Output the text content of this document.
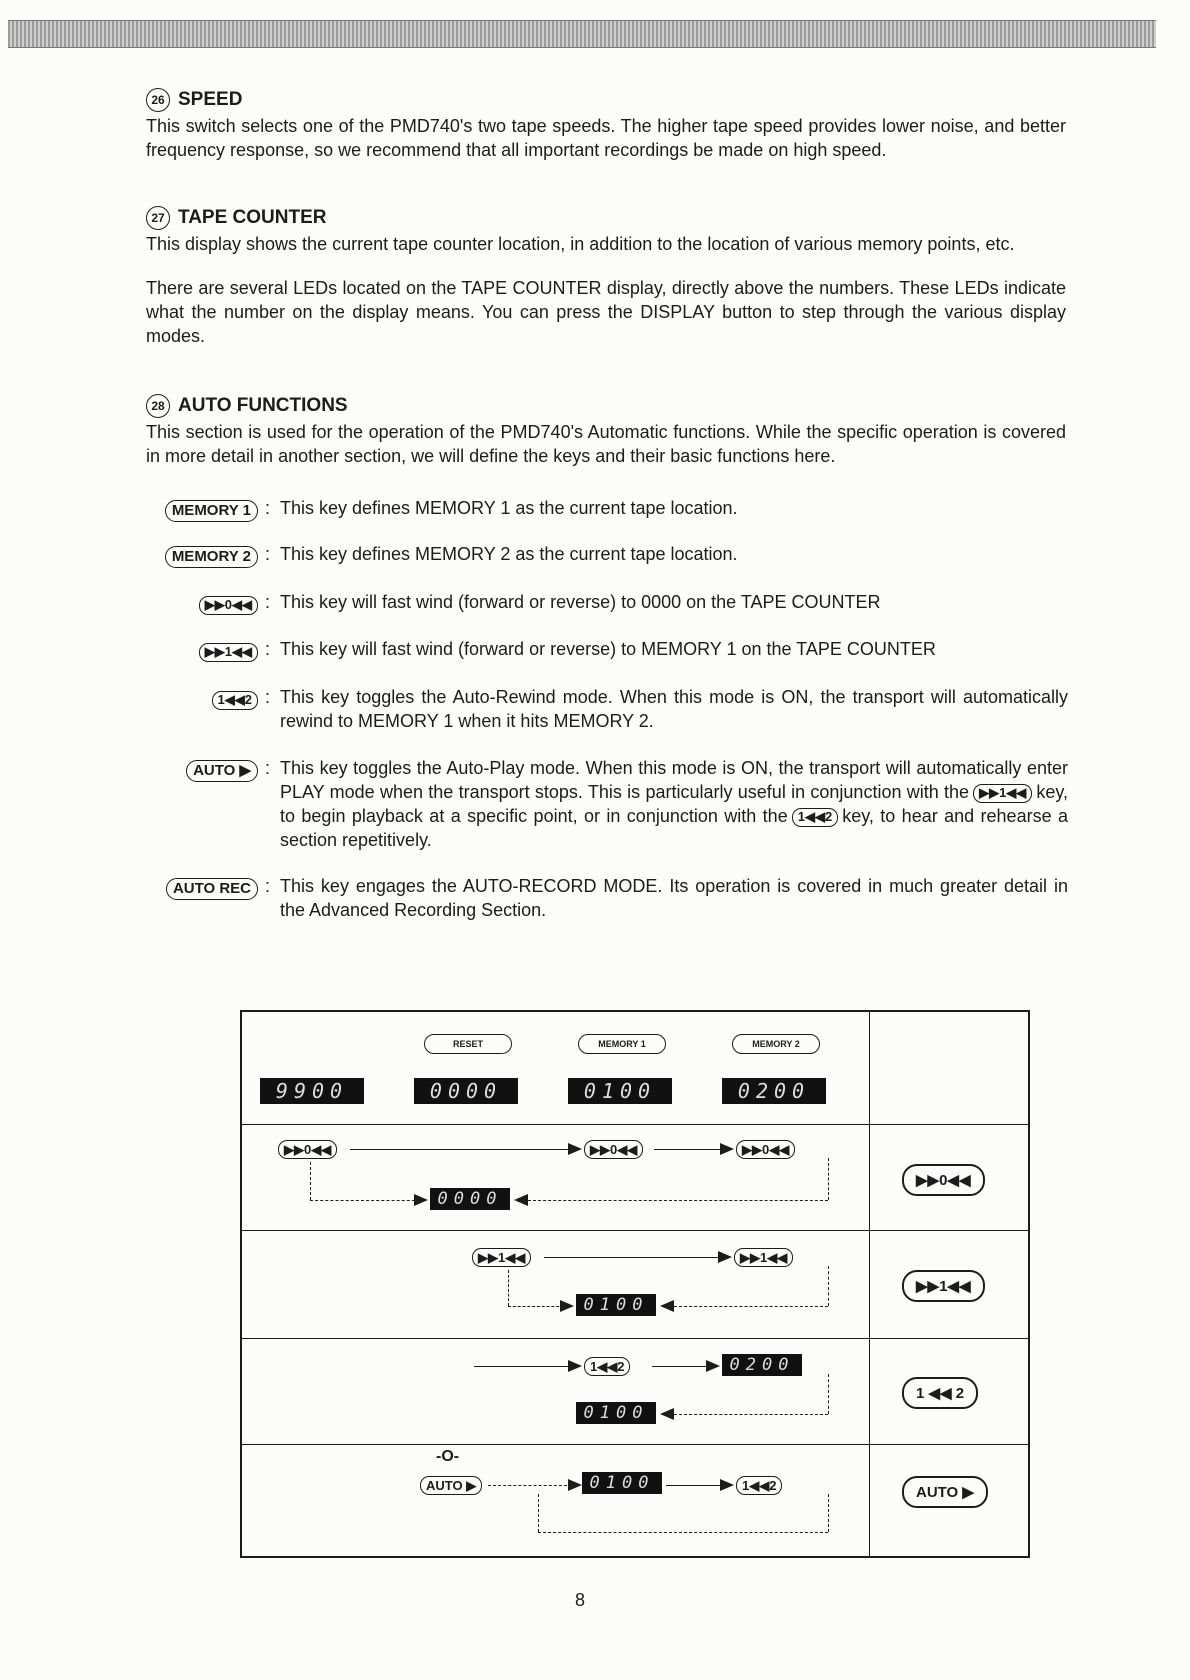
26 SPEED

This switch selects one of the PMD740's two tape speeds. The higher tape speed provides lower noise, and better frequency response, so we recommend that all important recordings be made on high speed.

27 TAPE COUNTER

This display shows the current tape counter location, in addition to the location of various memory points, etc.

There are several LEDs located on the TAPE COUNTER display, directly above the numbers. These LEDs indicate what the number on the display means. You can press the DISPLAY button to step through the various display modes.

28 AUTO FUNCTIONS

This section is used for the operation of the PMD740's Automatic functions. While the specific operation is covered in more detail in another section, we will define the keys and their basic functions here.

MEMORY 1 : This key defines MEMORY 1 as the current tape location.
MEMORY 2 : This key defines MEMORY 2 as the current tape location.
▶▶0◀◀ : This key will fast wind (forward or reverse) to 0000 on the TAPE COUNTER
▶▶1◀◀ : This key will fast wind (forward or reverse) to MEMORY 1 on the TAPE COUNTER
1◀◀2 : This key toggles the Auto-Rewind mode. When this mode is ON, the transport will automatically rewind to MEMORY 1 when it hits MEMORY 2.
AUTO ▶ : This key toggles the Auto-Play mode. When this mode is ON, the transport will automatically enter PLAY mode when the transport stops. This is particularly useful in conjunction with the ▶▶1◀◀ key, to begin playback at a specific point, or in conjunction with the 1◀◀2 key, to hear and rehearse a section repetitively.
AUTO REC : This key engages the AUTO-RECORD MODE. Its operation is covered in much greater detail in the Advanced Recording Section.
RESET	MEMORY 1	MEMORY 2
9900	0000	0100	0200
▶▶0◀◀	▶▶0◀◀	▶▶0◀◀
0000
▶▶0◀◀
▶▶1◀◀	▶▶1◀◀
0100
▶▶1◀◀
1◀◀2	0200
0100
1 ◀◀ 2
-O-
AUTO ▶	0100	1◀◀2	AUTO ▶
8
